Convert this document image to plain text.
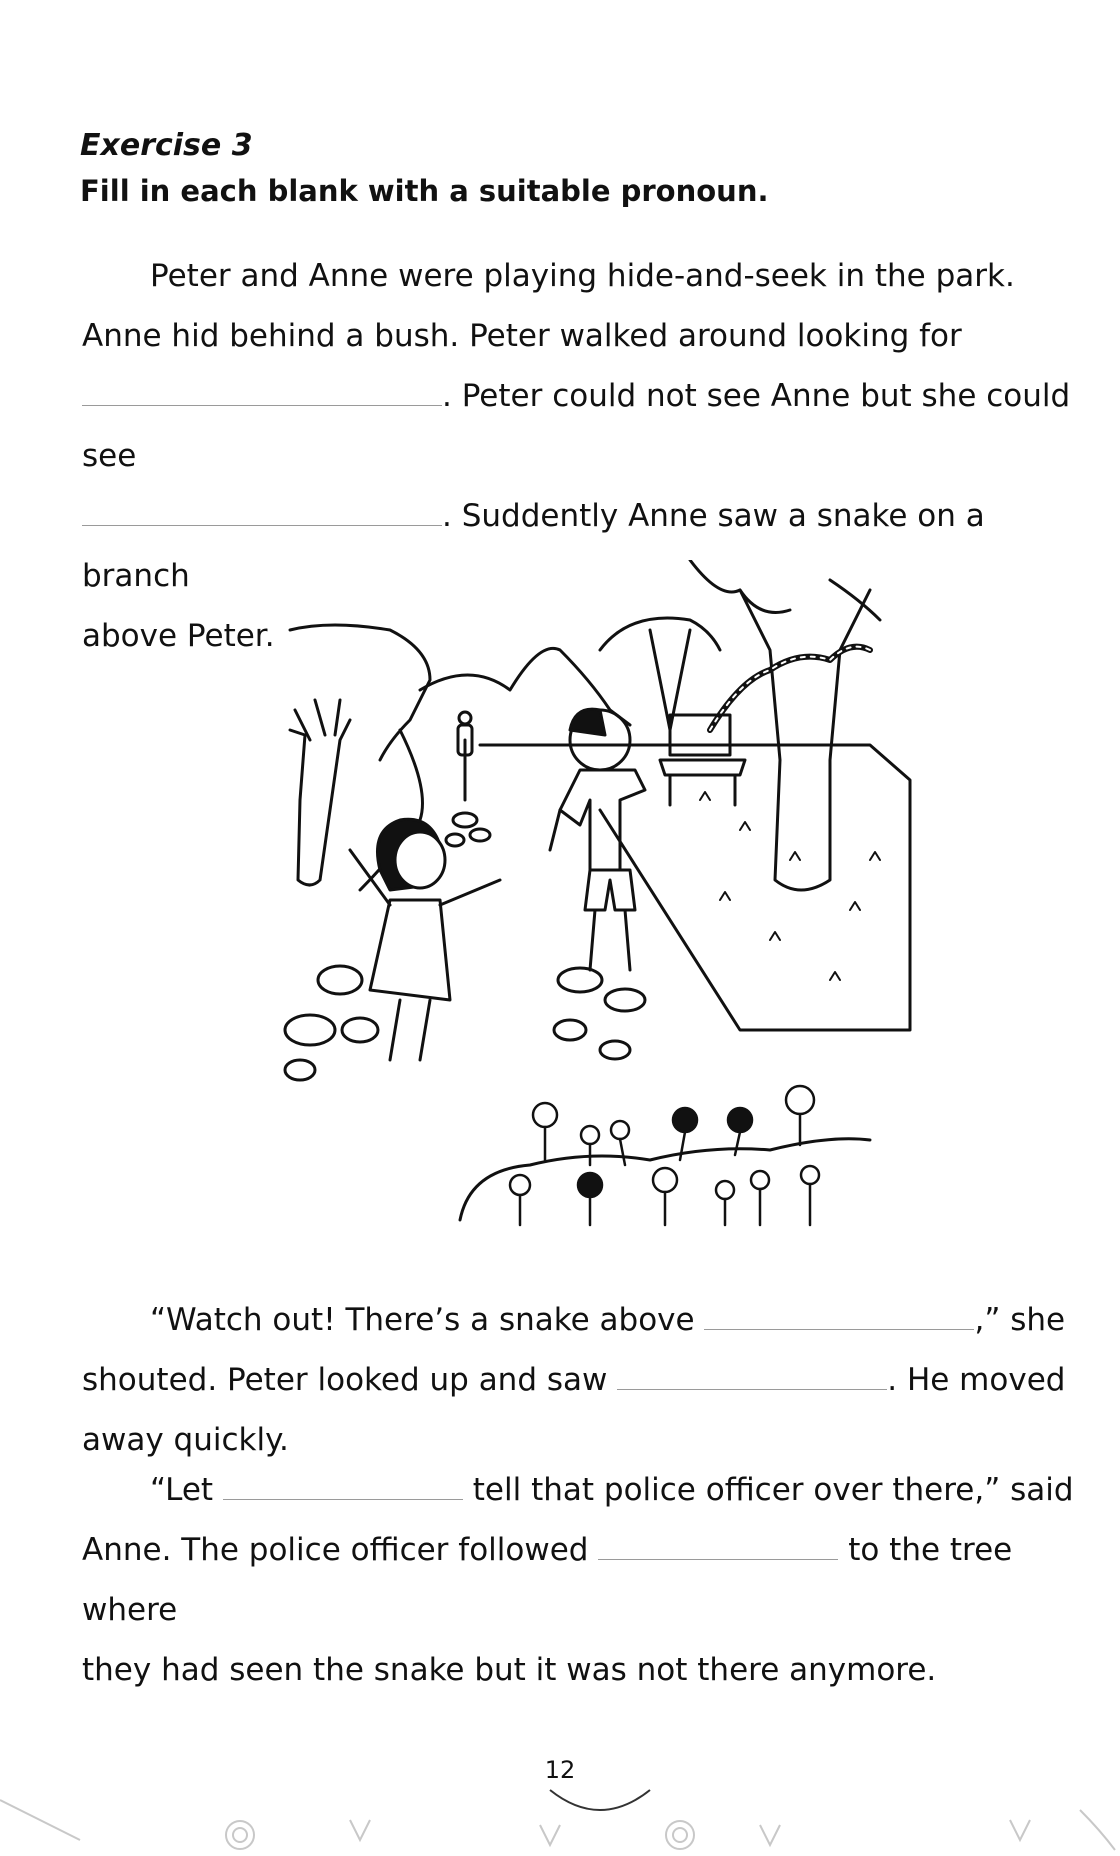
Exercise 3
Fill in each blank with a suitable pronoun.

Peter and Anne were playing hide-and-seek in the park.

Anne hid behind a bush. Peter walked around looking for

. Peter could not see Anne but she could see

. Suddently Anne saw a snake on a branch

above Peter.

“Watch out! There’s a snake above	,” she

shouted. Peter looked up and saw	. He moved

away quickly.

“Let	tell that police officer over there,” said

Anne. The police officer followed	to the tree where

they had seen the snake but it was not there anymore.

12
